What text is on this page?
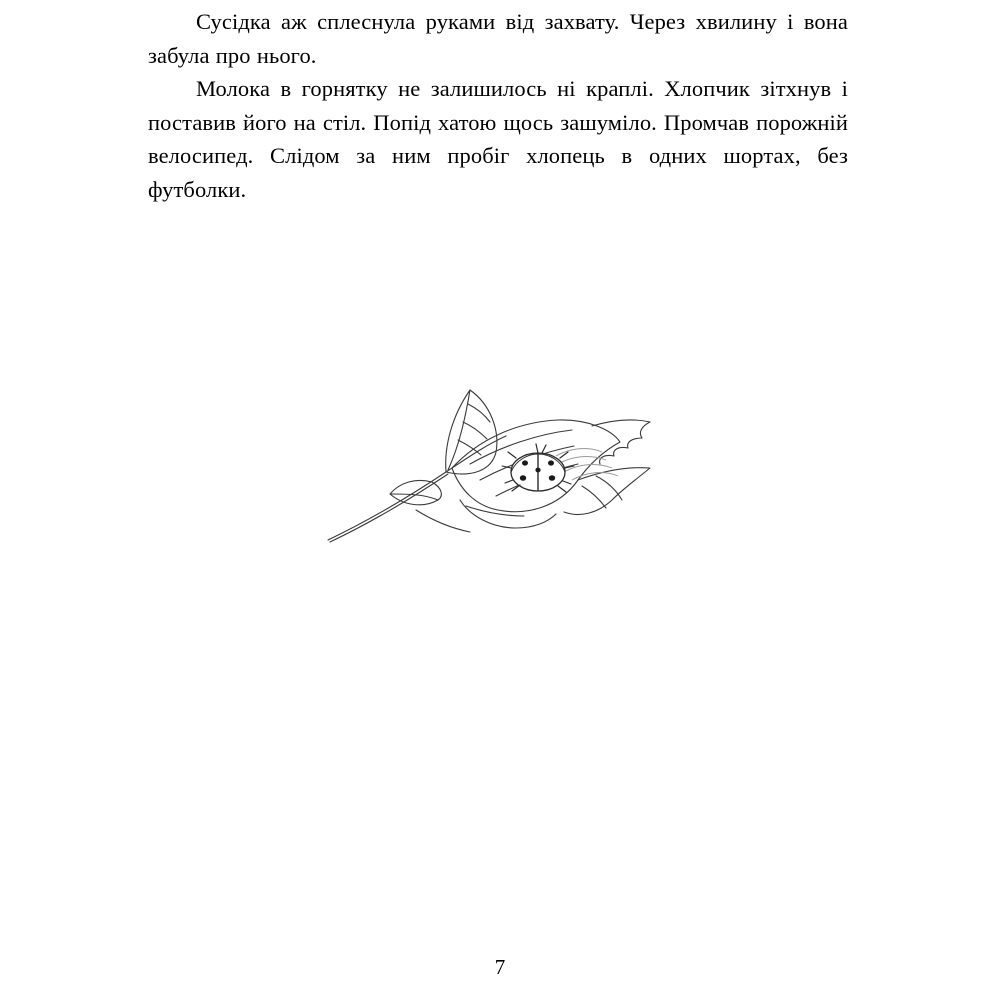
Сусідка аж сплеснула руками від захвату. Через хвилину і вона забула про нього.

Молока в горнятку не залишилось ні краплі. Хлопчик зітхнув і поставив його на стіл. Попід хатою щось зашуміло. Промчав порожній велосипед. Слідом за ним пробіг хлопець в одних шортах, без футболки.

7
